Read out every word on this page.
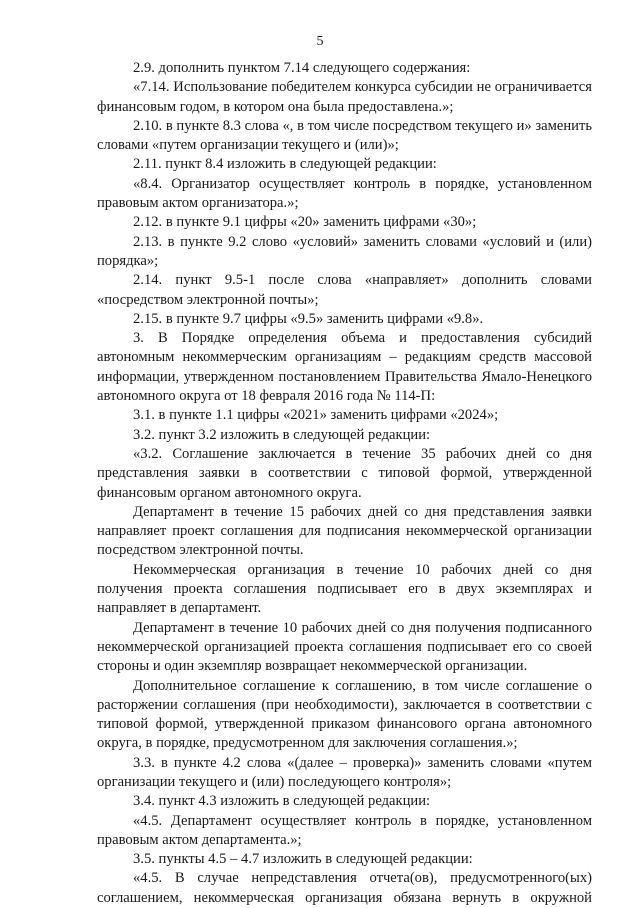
5

2.9. дополнить пунктом 7.14 следующего содержания:

«7.14. Использование победителем конкурса субсидии не ограничивается финансовым годом, в котором она была предоставлена.»;

2.10. в пункте 8.3 слова «, в том числе посредством текущего и» заменить словами «путем организации текущего и (или)»;

2.11. пункт 8.4 изложить в следующей редакции:

«8.4. Организатор осуществляет контроль в порядке, установленном правовым актом организатора.»;

2.12. в пункте 9.1 цифры «20» заменить цифрами «30»;

2.13. в пункте 9.2 слово «условий» заменить словами «условий и (или) порядка»;

2.14. пункт 9.5-1 после слова «направляет» дополнить словами «посредством электронной почты»;

2.15. в пункте 9.7 цифры «9.5» заменить цифрами «9.8».

3. В Порядке определения объема и предоставления субсидий автономным некоммерческим организациям – редакциям средств массовой информации, утвержденном постановлением Правительства Ямало-Ненецкого автономного округа от 18 февраля 2016 года № 114-П:

3.1. в пункте 1.1 цифры «2021» заменить цифрами «2024»;

3.2. пункт 3.2 изложить в следующей редакции:

«3.2. Соглашение заключается в течение 35 рабочих дней со дня представления заявки в соответствии с типовой формой, утвержденной финансовым органом автономного округа.

Департамент в течение 15 рабочих дней со дня представления заявки направляет проект соглашения для подписания некоммерческой организации посредством электронной почты.

Некоммерческая организация в течение 10 рабочих дней со дня получения проекта соглашения подписывает его в двух экземплярах и направляет в департамент.

Департамент в течение 10 рабочих дней со дня получения подписанного некоммерческой организацией проекта соглашения подписывает его со своей стороны и один экземпляр возвращает некоммерческой организации.

Дополнительное соглашение к соглашению, в том числе соглашение о расторжении соглашения (при необходимости), заключается в соответствии с типовой формой, утвержденной приказом финансового органа автономного округа, в порядке, предусмотренном для заключения соглашения.»;

3.3. в пункте 4.2 слова «(далее – проверка)» заменить словами «путем организации текущего и (или) последующего контроля»;

3.4. пункт 4.3 изложить в следующей редакции:

«4.5. Департамент осуществляет контроль в порядке, установленном правовым актом департамента.»;

3.5. пункты 4.5 – 4.7 изложить в следующей редакции:

«4.5. В случае непредставления отчета(ов), предусмотренного(ых) соглашением, некоммерческая организация обязана вернуть в окружной
